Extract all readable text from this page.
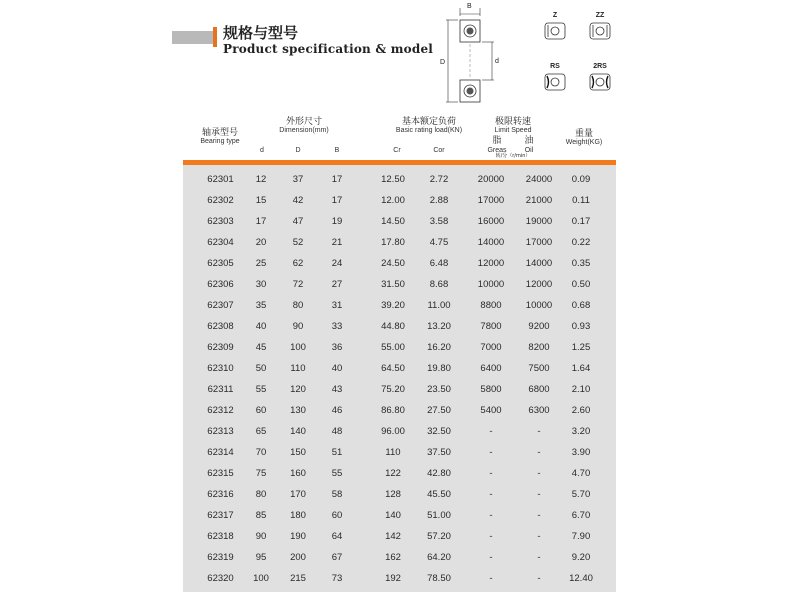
规格与型号
Product specification & model
B
D	d
Z	ZZ
RS	2RS
轴承型号
Bearing type
外形尺寸
Dimension(mm)
d	D	B
基本额定负荷
Basic rating load(KN)
Cr	Cor
极限转速
Limit Speed
脂	油
Greas	Oil
转/分（r/min）
重量
Weight(KG)
62301	12	37	17	12.50	2.72	20000	24000	0.09
62302	15	42	17	12.00	2.88	17000	21000	0.11
62303	17	47	19	14.50	3.58	16000	19000	0.17
62304	20	52	21	17.80	4.75	14000	17000	0.22
62305	25	62	24	24.50	6.48	12000	14000	0.35
62306	30	72	27	31.50	8.68	10000	12000	0.50
62307	35	80	31	39.20	11.00	8800	10000	0.68
62308	40	90	33	44.80	13.20	7800	9200	0.93
62309	45	100	36	55.00	16.20	7000	8200	1.25
62310	50	110	40	64.50	19.80	6400	7500	1.64
62311	55	120	43	75.20	23.50	5800	6800	2.10
62312	60	130	46	86.80	27.50	5400	6300	2.60
62313	65	140	48	96.00	32.50	-	-	3.20
62314	70	150	51	110	37.50	-	-	3.90
62315	75	160	55	122	42.80	-	-	4.70
62316	80	170	58	128	45.50	-	-	5.70
62317	85	180	60	140	51.00	-	-	6.70
62318	90	190	64	142	57.20	-	-	7.90
62319	95	200	67	162	64.20	-	-	9.20
62320	100	215	73	192	78.50	-	-	12.40
